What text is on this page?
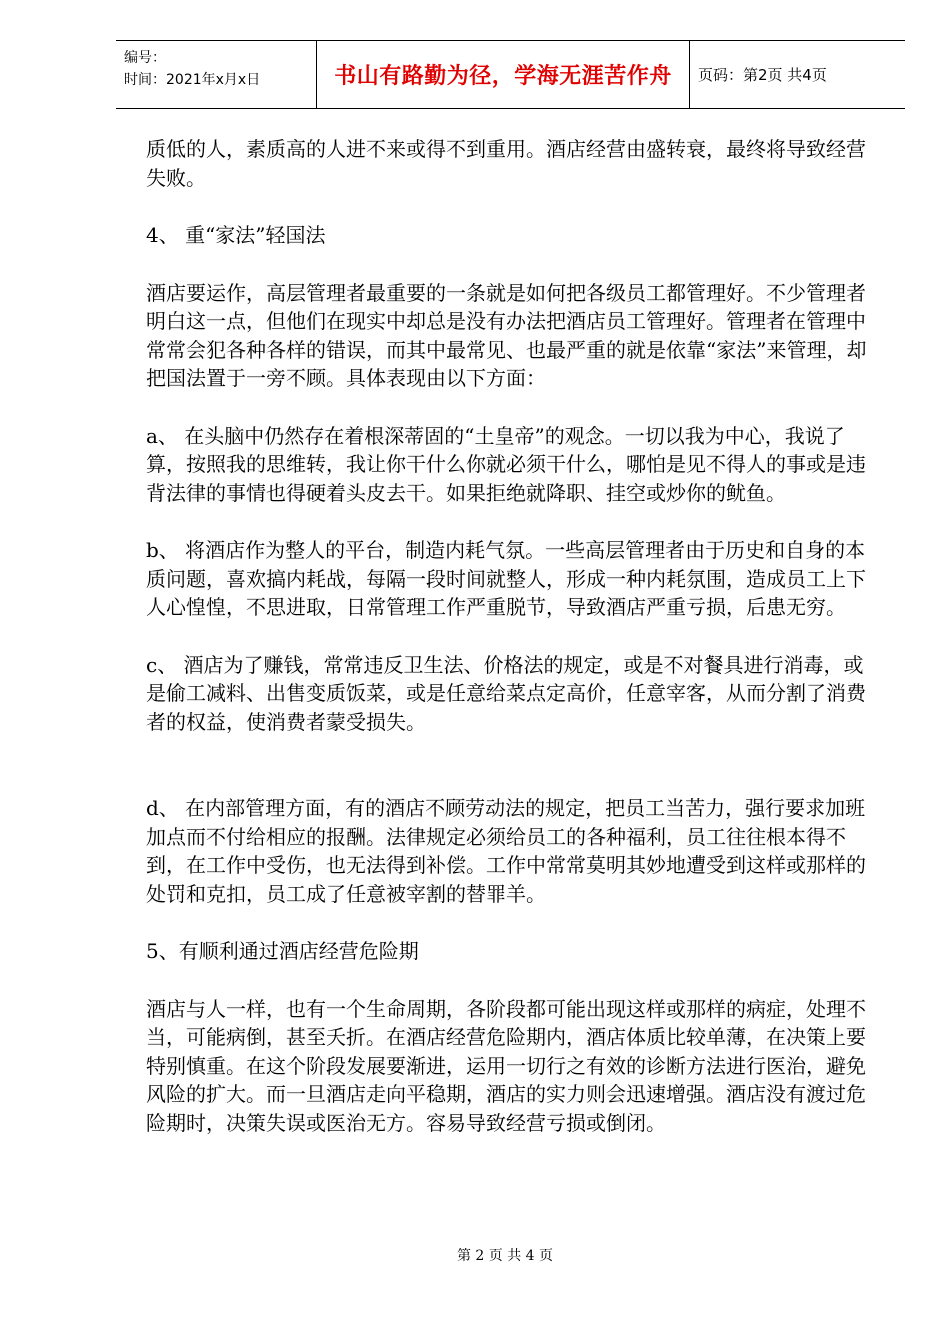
编号：
时间：2021年x月x日	书山有路勤为径，学海无涯苦作舟	页码：第2页 共4页

质低的人，素质高的人进不来或得不到重用。酒店经营由盛转衰，最终将导致经营失败。

4、 重“家法”轻国法

酒店要运作，高层管理者最重要的一条就是如何把各级员工都管理好。不少管理者明白这一点，但他们在现实中却总是没有办法把酒店员工管理好。管理者在管理中常常会犯各种各样的错误，而其中最常见、也最严重的就是依靠“家法”来管理，却把国法置于一旁不顾。具体表现由以下方面：

a、 在头脑中仍然存在着根深蒂固的“土皇帝”的观念。一切以我为中心，我说了算，按照我的思维转，我让你干什么你就必须干什么，哪怕是见不得人的事或是违背法律的事情也得硬着头皮去干。如果拒绝就降职、挂空或炒你的鱿鱼。

b、 将酒店作为整人的平台，制造内耗气氛。一些高层管理者由于历史和自身的本质问题，喜欢搞内耗战，每隔一段时间就整人，形成一种内耗氛围，造成员工上下人心惶惶，不思进取，日常管理工作严重脱节，导致酒店严重亏损，后患无穷。

c、 酒店为了赚钱，常常违反卫生法、价格法的规定，或是不对餐具进行消毒，或是偷工减料、出售变质饭菜，或是任意给菜点定高价，任意宰客，从而分割了消费者的权益，使消费者蒙受损失。

d、 在内部管理方面，有的酒店不顾劳动法的规定，把员工当苦力，强行要求加班加点而不付给相应的报酬。法律规定必须给员工的各种福利，员工往往根本得不到，在工作中受伤，也无法得到补偿。工作中常常莫明其妙地遭受到这样或那样的处罚和克扣，员工成了任意被宰割的替罪羊。

5、有顺利通过酒店经营危险期

酒店与人一样，也有一个生命周期，各阶段都可能出现这样或那样的病症，处理不当，可能病倒，甚至夭折。在酒店经营危险期内，酒店体质比较单薄，在决策上要特别慎重。在这个阶段发展要渐进，运用一切行之有效的诊断方法进行医治，避免风险的扩大。而一旦酒店走向平稳期，酒店的实力则会迅速增强。酒店没有渡过危险期时，决策失误或医治无方。容易导致经营亏损或倒闭。

第 2 页 共 4 页
